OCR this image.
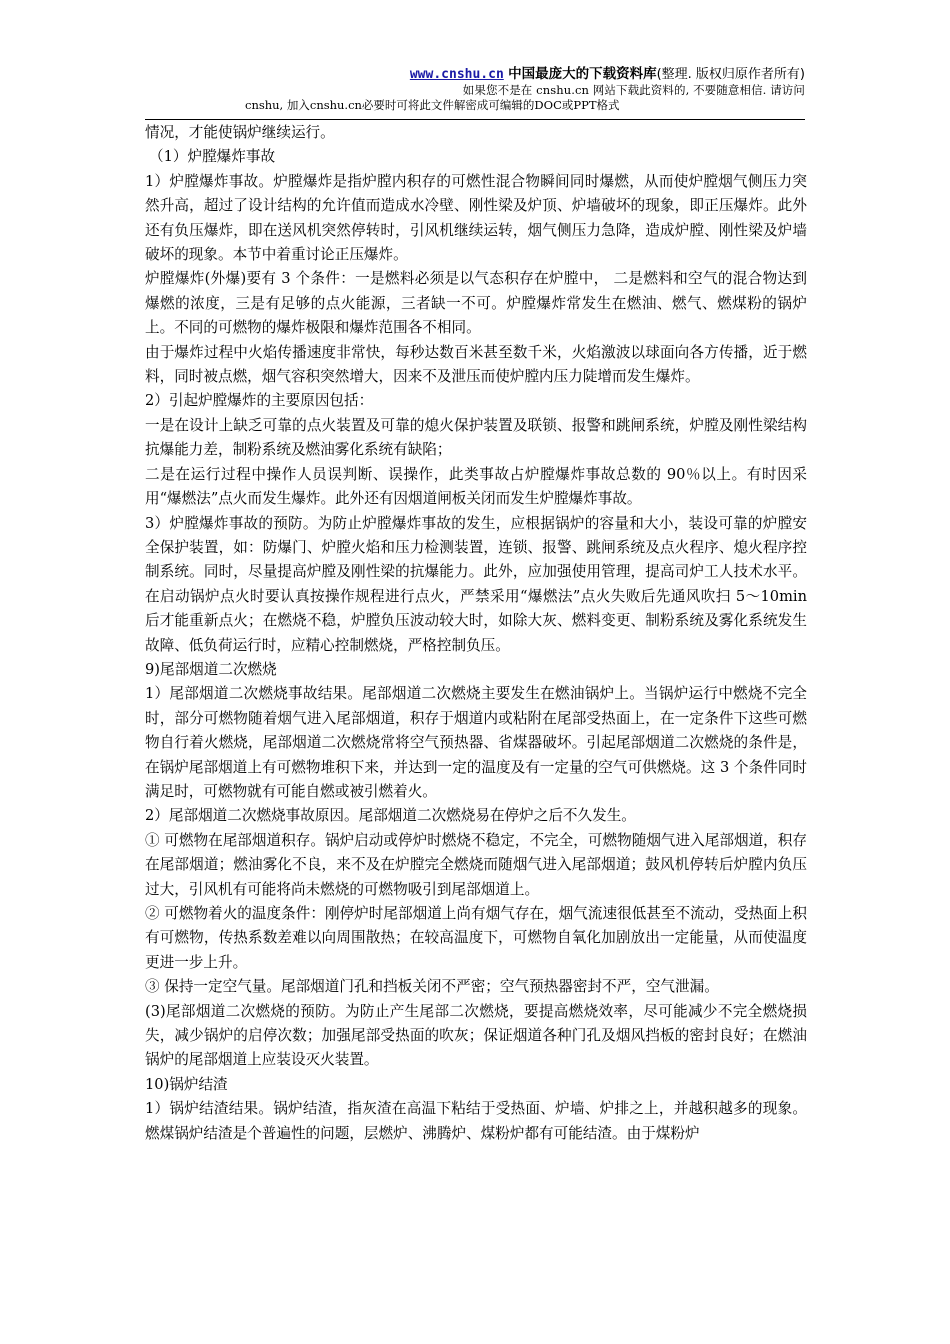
www.cnshu.cn 中国最庞大的下载资料库(整理. 版权归原作者所有)
如果您不是在 cnshu.cn 网站下载此资料的, 不要随意相信. 请访问
cnshu, 加入cnshu.cn必要时可将此文件解密成可编辑的DOC或PPT格式

情况，才能使锅炉继续运行。

（1）炉膛爆炸事故

1）炉膛爆炸事故。炉膛爆炸是指炉膛内积存的可燃性混合物瞬间同时爆燃，从而使炉膛烟气侧压力突然升高，超过了设计结构的允许值而造成水冷壁、刚性梁及炉顶、炉墙破坏的现象，即正压爆炸。此外还有负压爆炸，即在送风机突然停转时，引风机继续运转，烟气侧压力急降，造成炉膛、刚性梁及炉墙破坏的现象。本节中着重讨论正压爆炸。

炉膛爆炸(外爆)要有 3 个条件：一是燃料必须是以气态积存在炉膛中， 二是燃料和空气的混合物达到爆燃的浓度，三是有足够的点火能源，三者缺一不可。炉膛爆炸常发生在燃油、燃气、燃煤粉的锅炉上。不同的可燃物的爆炸极限和爆炸范围各不相同。

由于爆炸过程中火焰传播速度非常快，每秒达数百米甚至数千米，火焰激波以球面向各方传播，近于燃料，同时被点燃，烟气容积突然增大，因来不及泄压而使炉膛内压力陡增而发生爆炸。

2）引起炉膛爆炸的主要原因包括：

一是在设计上缺乏可靠的点火装置及可靠的熄火保护装置及联锁、报警和跳闸系统，炉膛及刚性梁结构抗爆能力差，制粉系统及燃油雾化系统有缺陷；

二是在运行过程中操作人员误判断、误操作，此类事故占炉膛爆炸事故总数的 90％以上。有时因采用“爆燃法”点火而发生爆炸。此外还有因烟道闸板关闭而发生炉膛爆炸事故。

3）炉膛爆炸事故的预防。为防止炉膛爆炸事故的发生，应根据锅炉的容量和大小，装设可靠的炉膛安全保护装置，如：防爆门、炉膛火焰和压力检测装置，连锁、报警、跳闸系统及点火程序、熄火程序控制系统。同时，尽量提高炉膛及刚性梁的抗爆能力。此外，应加强使用管理，提高司炉工人技术水平。在启动锅炉点火时要认真按操作规程进行点火，严禁采用“爆燃法”点火失败后先通风吹扫 5～10min 后才能重新点火；在燃烧不稳，炉膛负压波动较大时，如除大灰、燃料变更、制粉系统及雾化系统发生故障、低负荷运行时，应精心控制燃烧，严格控制负压。

9)尾部烟道二次燃烧

1）尾部烟道二次燃烧事故结果。尾部烟道二次燃烧主要发生在燃油锅炉上。当锅炉运行中燃烧不完全时，部分可燃物随着烟气进入尾部烟道，积存于烟道内或粘附在尾部受热面上，在一定条件下这些可燃物自行着火燃烧，尾部烟道二次燃烧常将空气预热器、省煤器破坏。引起尾部烟道二次燃烧的条件是，在锅炉尾部烟道上有可燃物堆积下来，并达到一定的温度及有一定量的空气可供燃烧。这 3 个条件同时满足时，可燃物就有可能自燃或被引燃着火。

2）尾部烟道二次燃烧事故原因。尾部烟道二次燃烧易在停炉之后不久发生。

① 可燃物在尾部烟道积存。锅炉启动或停炉时燃烧不稳定，不完全，可燃物随烟气进入尾部烟道，积存在尾部烟道；燃油雾化不良，来不及在炉膛完全燃烧而随烟气进入尾部烟道；鼓风机停转后炉膛内负压过大，引风机有可能将尚未燃烧的可燃物吸引到尾部烟道上。

② 可燃物着火的温度条件：刚停炉时尾部烟道上尚有烟气存在，烟气流速很低甚至不流动，受热面上积有可燃物，传热系数差难以向周围散热；在较高温度下，可燃物自氧化加剧放出一定能量，从而使温度更进一步上升。

③ 保持一定空气量。尾部烟道门孔和挡板关闭不严密；空气预热器密封不严，空气泄漏。

(3)尾部烟道二次燃烧的预防。为防止产生尾部二次燃烧，要提高燃烧效率，尽可能减少不完全燃烧损失，减少锅炉的启停次数；加强尾部受热面的吹灰；保证烟道各种门孔及烟风挡板的密封良好；在燃油锅炉的尾部烟道上应装设灭火装置。

10)锅炉结渣

1）锅炉结渣结果。锅炉结渣，指灰渣在高温下粘结于受热面、炉墙、炉排之上，并越积越多的现象。燃煤锅炉结渣是个普遍性的问题，层燃炉、沸腾炉、煤粉炉都有可能结渣。由于煤粉炉
